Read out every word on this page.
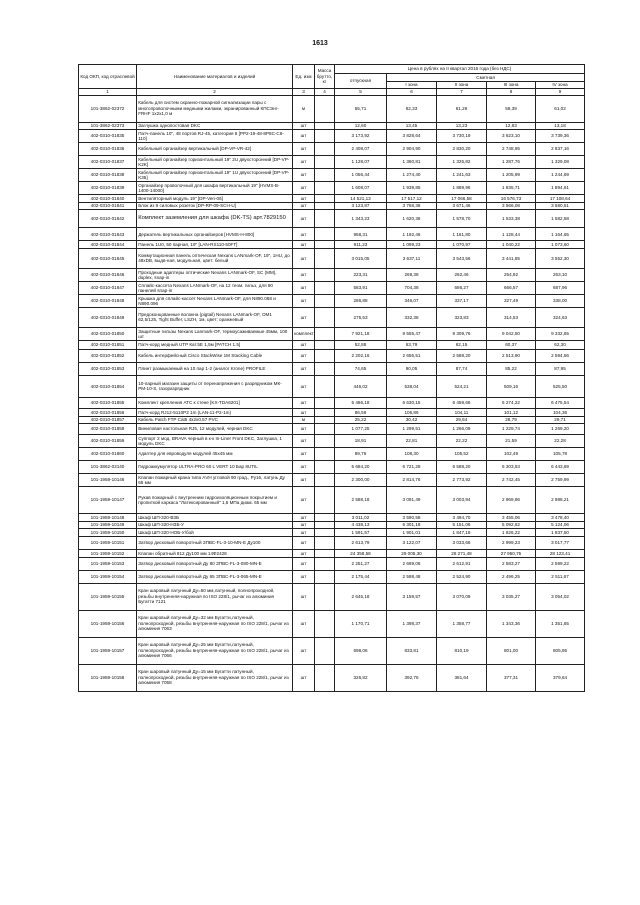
1613
Код ОКП, код отраслевой	Наименование материалов и изделий	Ед. изм	Масса брутто, кг	Цена в рублях на II квартал 2016 года (без НДС)				
				отпускная	Сметная			
					I зона	II зона	III зона	IV зона
1	2	3	4	5	6	7	8	9
101-3862-02372	Кабель для систем охранно-пожарной сигнализации пары с многопроволочными медными жилами, экранированный КПСЭнг-FRHF 1x2x1,0 м	м		55,71	62,33	61,26	59,39	61,02
101-3862-02373	Заглушка однопостовая DKC	шт		12,60	13,45	13,23	12,83	13,18
402-0310-01835	Патч-панель 10", 48 портов RJ-45, категория 6 [PP2-19-48-8P8C-C6-110]	шт		3 173,92	3 828,64	3 730,19	3 623,10	3 739,36
402-0310-01836	Кабельный органайзер вертикальный [DP-VP-VR-42]	шт		2 408,07	2 904,90	2 830,20	2 748,95	2 837,16
402-0310-01837	Кабельный органайзер горизонтальный 19" 2U двухсторонний [DP-VP-K2K]	шт		1 128,07	1 360,81	1 325,82	1 287,76	1 329,08
402-0310-01838	Кабельный органайзер горизонтальный 19" 1U двухсторонний [DP-VP-K35]	шт		1 056,44	1 274,40	1 241,63	1 205,99	1 244,69
402-0310-01839	Органайзер проволочный для шкафа вертикальный 19" [HVMS-B-1400-14000]	шт		1 608,07	1 939,85	1 889,96	1 835,71	1 894,61
402-0310-01840	Вентиляторный модуль 19" [DP-Ven-06]	шт		14 521,13	17 517,12	17 066,58	16 576,73	17 108,64
402-0310-01841	Блок из 9 силовых розеток [DP-RP-09-SCH-U]	шт		3 123,87	3 768,38	3 671,46	3 566,08	3 680,51
402-0310-01842	Комплект заземления для шкафа (DK-TS) арт.7829150	шт		1 343,23	1 620,36	1 578,70	1 533,38	1 582,58
402-0310-01843	Держатель вертикальных органайзеров [HVMS-H-800]	шт		958,31	1 192,46	1 161,80	1 128,44	1 164,65
402-0310-01844	Панель 1U0, 50 парная, 19" [LAN-RS110-50FT]	шт		911,23	1 099,23	1 070,97	1 040,22	1 073,60
402-0310-01845	Коммутационная панель оптическая Nexans LANmark-OF, 19", 1HU, до 48xDB, выдв-ная, модульная, цвет: белый	шт		3 015,05	3 637,11	3 543,56	3 441,85	3 552,30
402-0310-01846	Проходные адаптеры оптические Nexans LANmark-OF, SC (MM), duplex, snap-in	шт		223,31	269,38	262,46	254,92	263,10
402-0310-01847	Сплайс-кассета Nexans LANmark-OF, на 12 теом. гильз, для 90 панелей snap-in	шт		583,91	704,38	686,27	666,57	687,96
402-0310-01848	Крышка для сплайс-кассет Nexans LANmark-OF, для N890.068 и N890.096	шт		286,88	346,07	337,17	327,49	338,00
402-0310-01849	Предоконцованные волокна (pigtail) Nexans LANmark-OF, ОМ1 62,5/125, Tight Buffer, LSZH, 1м, цвет: оранжевый	шт		275,53	332,38	323,83	314,53	324,63
402-0310-01850	Защитные гильзы Nexans Lanmark-OF, термоусаживаемые 45мм, 100 шт	комплект		7 921,18	9 555,47	9 309,76	9 042,50	9 332,65
402-0310-01851	Патч-корд медный UTP Кат.5Е 1,5м [PATCH 1.5]	шт		52,88	63,79	62,15	60,37	62,30
402-0310-01852	Кабель интерфейсный Cisco StackWise 1M Stacking Cable	шт		2 202,16	2 656,51	2 588,20	2 513,90	2 594,56
402-0310-01853	Плинт размыкаемый на 10 пар 1-2 (аналог Krone) PROFILE	шт		74,65	90,05	87,74	85,22	87,95
402-0310-01854	10-парный магазин защиты от перенапряжения с разрядником МК-РМ-10-S, газоразрядник	шт		446,02	538,04	524,21	509,16	525,50
402-0310-01855	Комплект крепления АТС к стене [KX-TDA6201]	шт		5 486,18	6 630,15	6 459,66	6 274,22	6 475,54
402-0310-01856	Патч-корд RJ12-5110P2 1m (LAN-11-P2-1m)	шт		86,56	106,86	104,11	101,12	104,36
402-0310-01857	Кабель Patch FTP Cat5 4x2x0,57 PVC	м		25,22	30,42	29,64	28,79	29,71
402-0310-01858	Виниловая настольная RJ5, 12 модулей, черная DKC	шт		1 077,25	1 299,51	1 266,09	1 229,74	1 269,20
402-0310-01859	Суппорт 2 мод. BRAVA черный в к-к In-Liner Front DKC, Заглушка, 1 модуль DKC	шт		18,91	22,81	22,22	21,59	22,28
402-0310-01860	Адаптер для евроводуля модулей 45x45 мм	шт		89,76	108,30	105,52	102,49	105,78
101-3862-03140	Гидроаккумулятор ULTRA-PRO 60 L VERT 10 Бар 8UTIL	шт		5 684,20	6 721,28	6 588,20	6 303,53	6 443,69
101-1959-10146	Клапан пожарный крана типа АVН угловой 90 град., Ру16, латунь Ду 65 мм	шт		2 300,00	2 814,76	2 773,92	2 742,45	2 759,99
101-1959-10147	Рукав пожарный с внутренним гидроизоляционным покрытием и пропиткой каркаса "Латексированный" 1,6 МПа диам. 65 мм	шт		2 588,18	3 091,49	3 003,94	2 969,86	2 988,21
101-1959-10148	Шкаф ШП-320-В3Б	шт		3 011,02	3 590,58	3 494,70	3 455,06	3 478,40
101-1959-10149	Шкаф ШП-320-НЗБ-У	шт		4 438,13	5 301,18	5 151,06	5 092,62	5 124,06
101-1959-10150	Шкаф ШП-320-НОБ-У/бой	шт		1 591,57	1 901,01	1 847,19	1 826,22	1 837,50
101-1959-10151	Затвор дисковый поворотный ЗПВС-FL-3-10-MN-E Ду100	шт		2 613,79	3 122,07	3 033,66	2 999,23	3 017,77
101-1959-10152	Клапан обратный 812 Ду100 мм 14Ф2428	шт		24 358,58	29 005,30	28 271,48	27 950,75	28 123,41
101-1959-10153	Затвор дисковый поворотный Ду 80 ЗПВС-FL-3-080-MN-E	шт		2 251,27	2 689,06	2 612,91	2 583,27	2 599,22
101-1959-10154	Затвор дисковый поворотный Ду 65 ЗПВС-FL-3-065-MN-E	шт		2 175,44	2 598,48	2 524,90	2 496,25	2 511,67
101-1959-10155	Кран шаровый латунный Ду=50 мм,латунный, полнопроходной, резьбы внутренняя-наружная по ISO 228/1, рычаг из алюминия Бугатти 7121	шт		2 645,18	3 159,57	3 070,09	3 035,27	3 054,02
101-1959-10156	Кран шаровый латунный Ду=32 мм Бугатти,латунный, полнопроходной, резьбы внутренняя-наружная по ISO 228/1, рычаг из алюминия 7063	шт		1 170,71	1 398,37	1 358,77	1 343,36	1 351,65
101-1959-10157	Кран шаровый латунный Ду=25 мм Бугатти,латунный, полнопроходной, резьбы внутренняя-наружная по ISO 228/1, рычаг из алюминия 7066	шт		698,06	833,81	810,19	801,00	805,95
101-1959-10158	Кран шаровый латунный Ду=15 мм Бугатти латунный, полнопроходной, резьбы внутренняя-наружная по ISO 228/1, рычаг из алюминия 7058	шт		326,82	392,76	381,64	377,31	379,64
